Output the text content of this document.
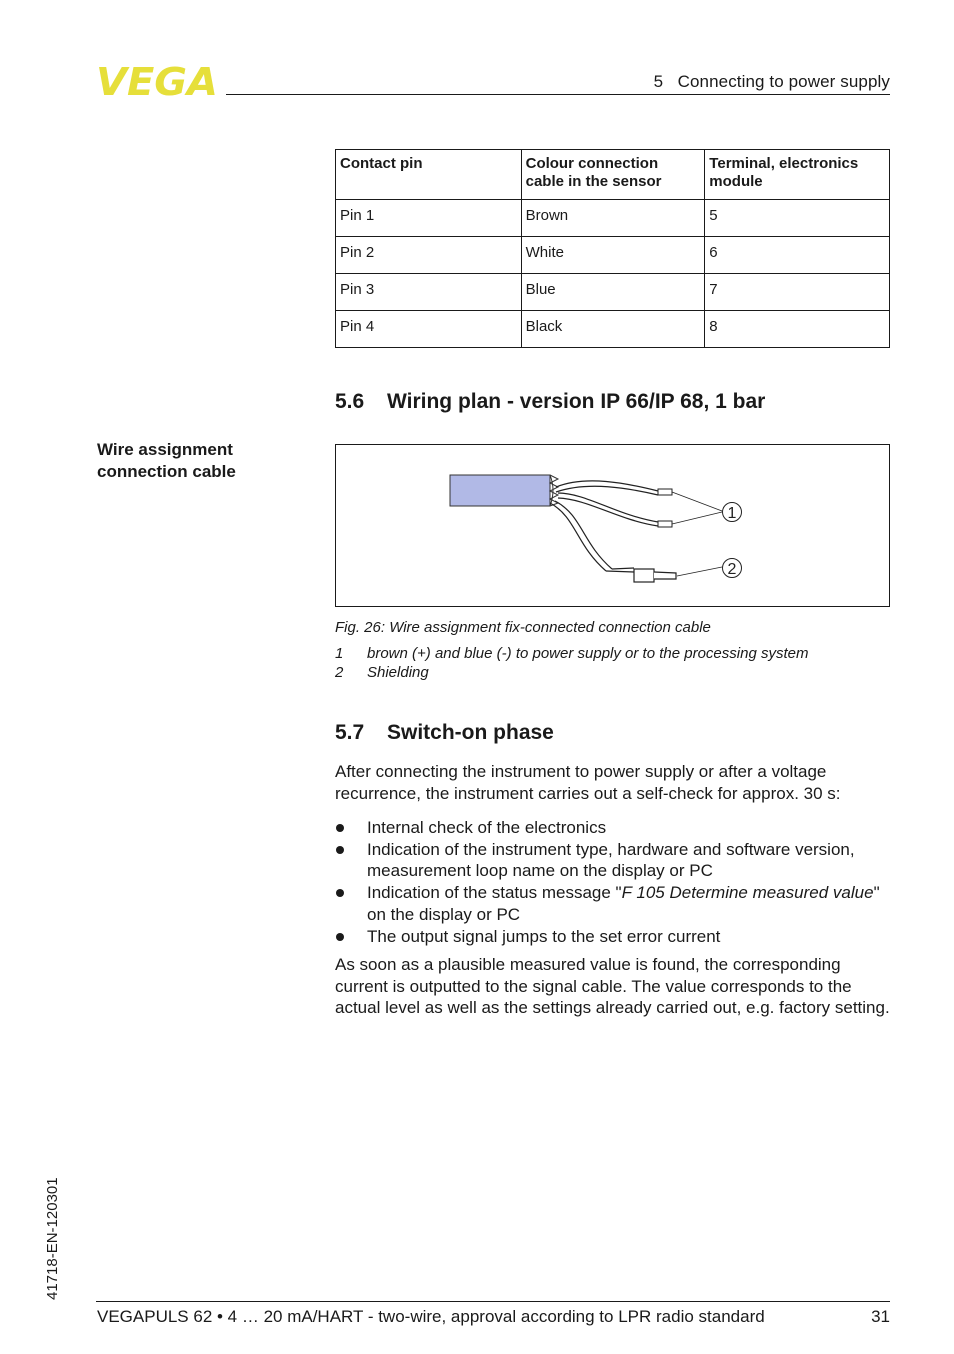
VEGA	5   Connecting to power supply
Contact pin	Colour connection cable in the sensor	Terminal, electronics module
Pin 1	Brown	5
Pin 2	White	6
Pin 3	Blue	7
Pin 4	Black	8
5.6 Wiring plan - version IP 66/IP 68, 1 bar
Wire assignment connection cable
1
2
Fig. 26: Wire assignment fix-connected connection cable
1 brown (+) and blue (-) to power supply or to the processing system
2 Shielding
5.7 Switch-on phase
After connecting the instrument to power supply or after a voltage recurrence, the instrument carries out a self-check for approx. 30 s:
Internal check of the electronics
Indication of the instrument type, hardware and software version, measurement loop name on the display or PC
Indication of the status message "F 105 Determine measured value" on the display or PC
The output signal jumps to the set error current
As soon as a plausible measured value is found, the corresponding current is outputted to the signal cable. The value corresponds to the actual level as well as the settings already carried out, e.g. factory setting.
41718-EN-120301
VEGAPULS 62 • 4 … 20 mA/HART - two-wire, approval according to LPR radio standard	31
